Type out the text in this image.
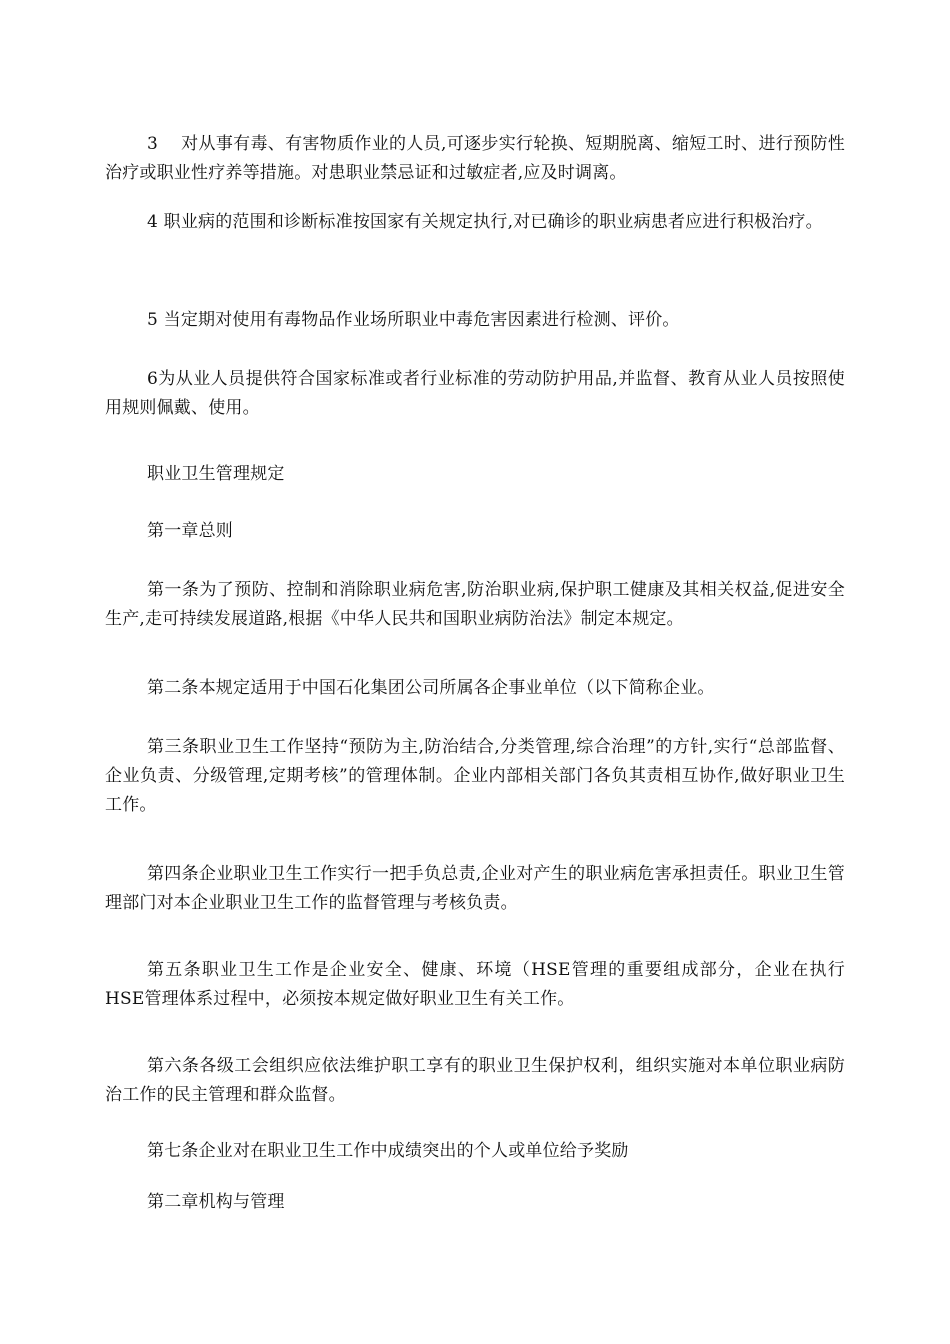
3　 对从事有毒、有害物质作业的人员,可逐步实行轮换、短期脱离、缩短工时、进行预防性治疗或职业性疗养等措施。对患职业禁忌证和过敏症者,应及时调离。

4 职业病的范围和诊断标准按国家有关规定执行,对已确诊的职业病患者应进行积极治疗。

5 当定期对使用有毒物品作业场所职业中毒危害因素进行检测、评价。

6为从业人员提供符合国家标准或者行业标准的劳动防护用品,并监督、教育从业人员按照使用规则佩戴、使用。

职业卫生管理规定

第一章总则

第一条为了预防、控制和消除职业病危害,防治职业病,保护职工健康及其相关权益,促进安全生产,走可持续发展道路,根据《中华人民共和国职业病防治法》制定本规定。

第二条本规定适用于中国石化集团公司所属各企事业单位（以下简称企业。

第三条职业卫生工作坚持“预防为主,防治结合,分类管理,综合治理”的方针,实行“总部监督、企业负责、分级管理,定期考核”的管理体制。企业内部相关部门各负其责相互协作,做好职业卫生工作。

第四条企业职业卫生工作实行一把手负总责,企业对产生的职业病危害承担责任。职业卫生管理部门对本企业职业卫生工作的监督管理与考核负责。

第五条职业卫生工作是企业安全、健康、环境（HSE管理的重要组成部分，企业在执行HSE管理体系过程中，必须按本规定做好职业卫生有关工作。

第六条各级工会组织应依法维护职工享有的职业卫生保护权利，组织实施对本单位职业病防治工作的民主管理和群众监督。

第七条企业对在职业卫生工作中成绩突出的个人或单位给予奖励

第二章机构与管理
